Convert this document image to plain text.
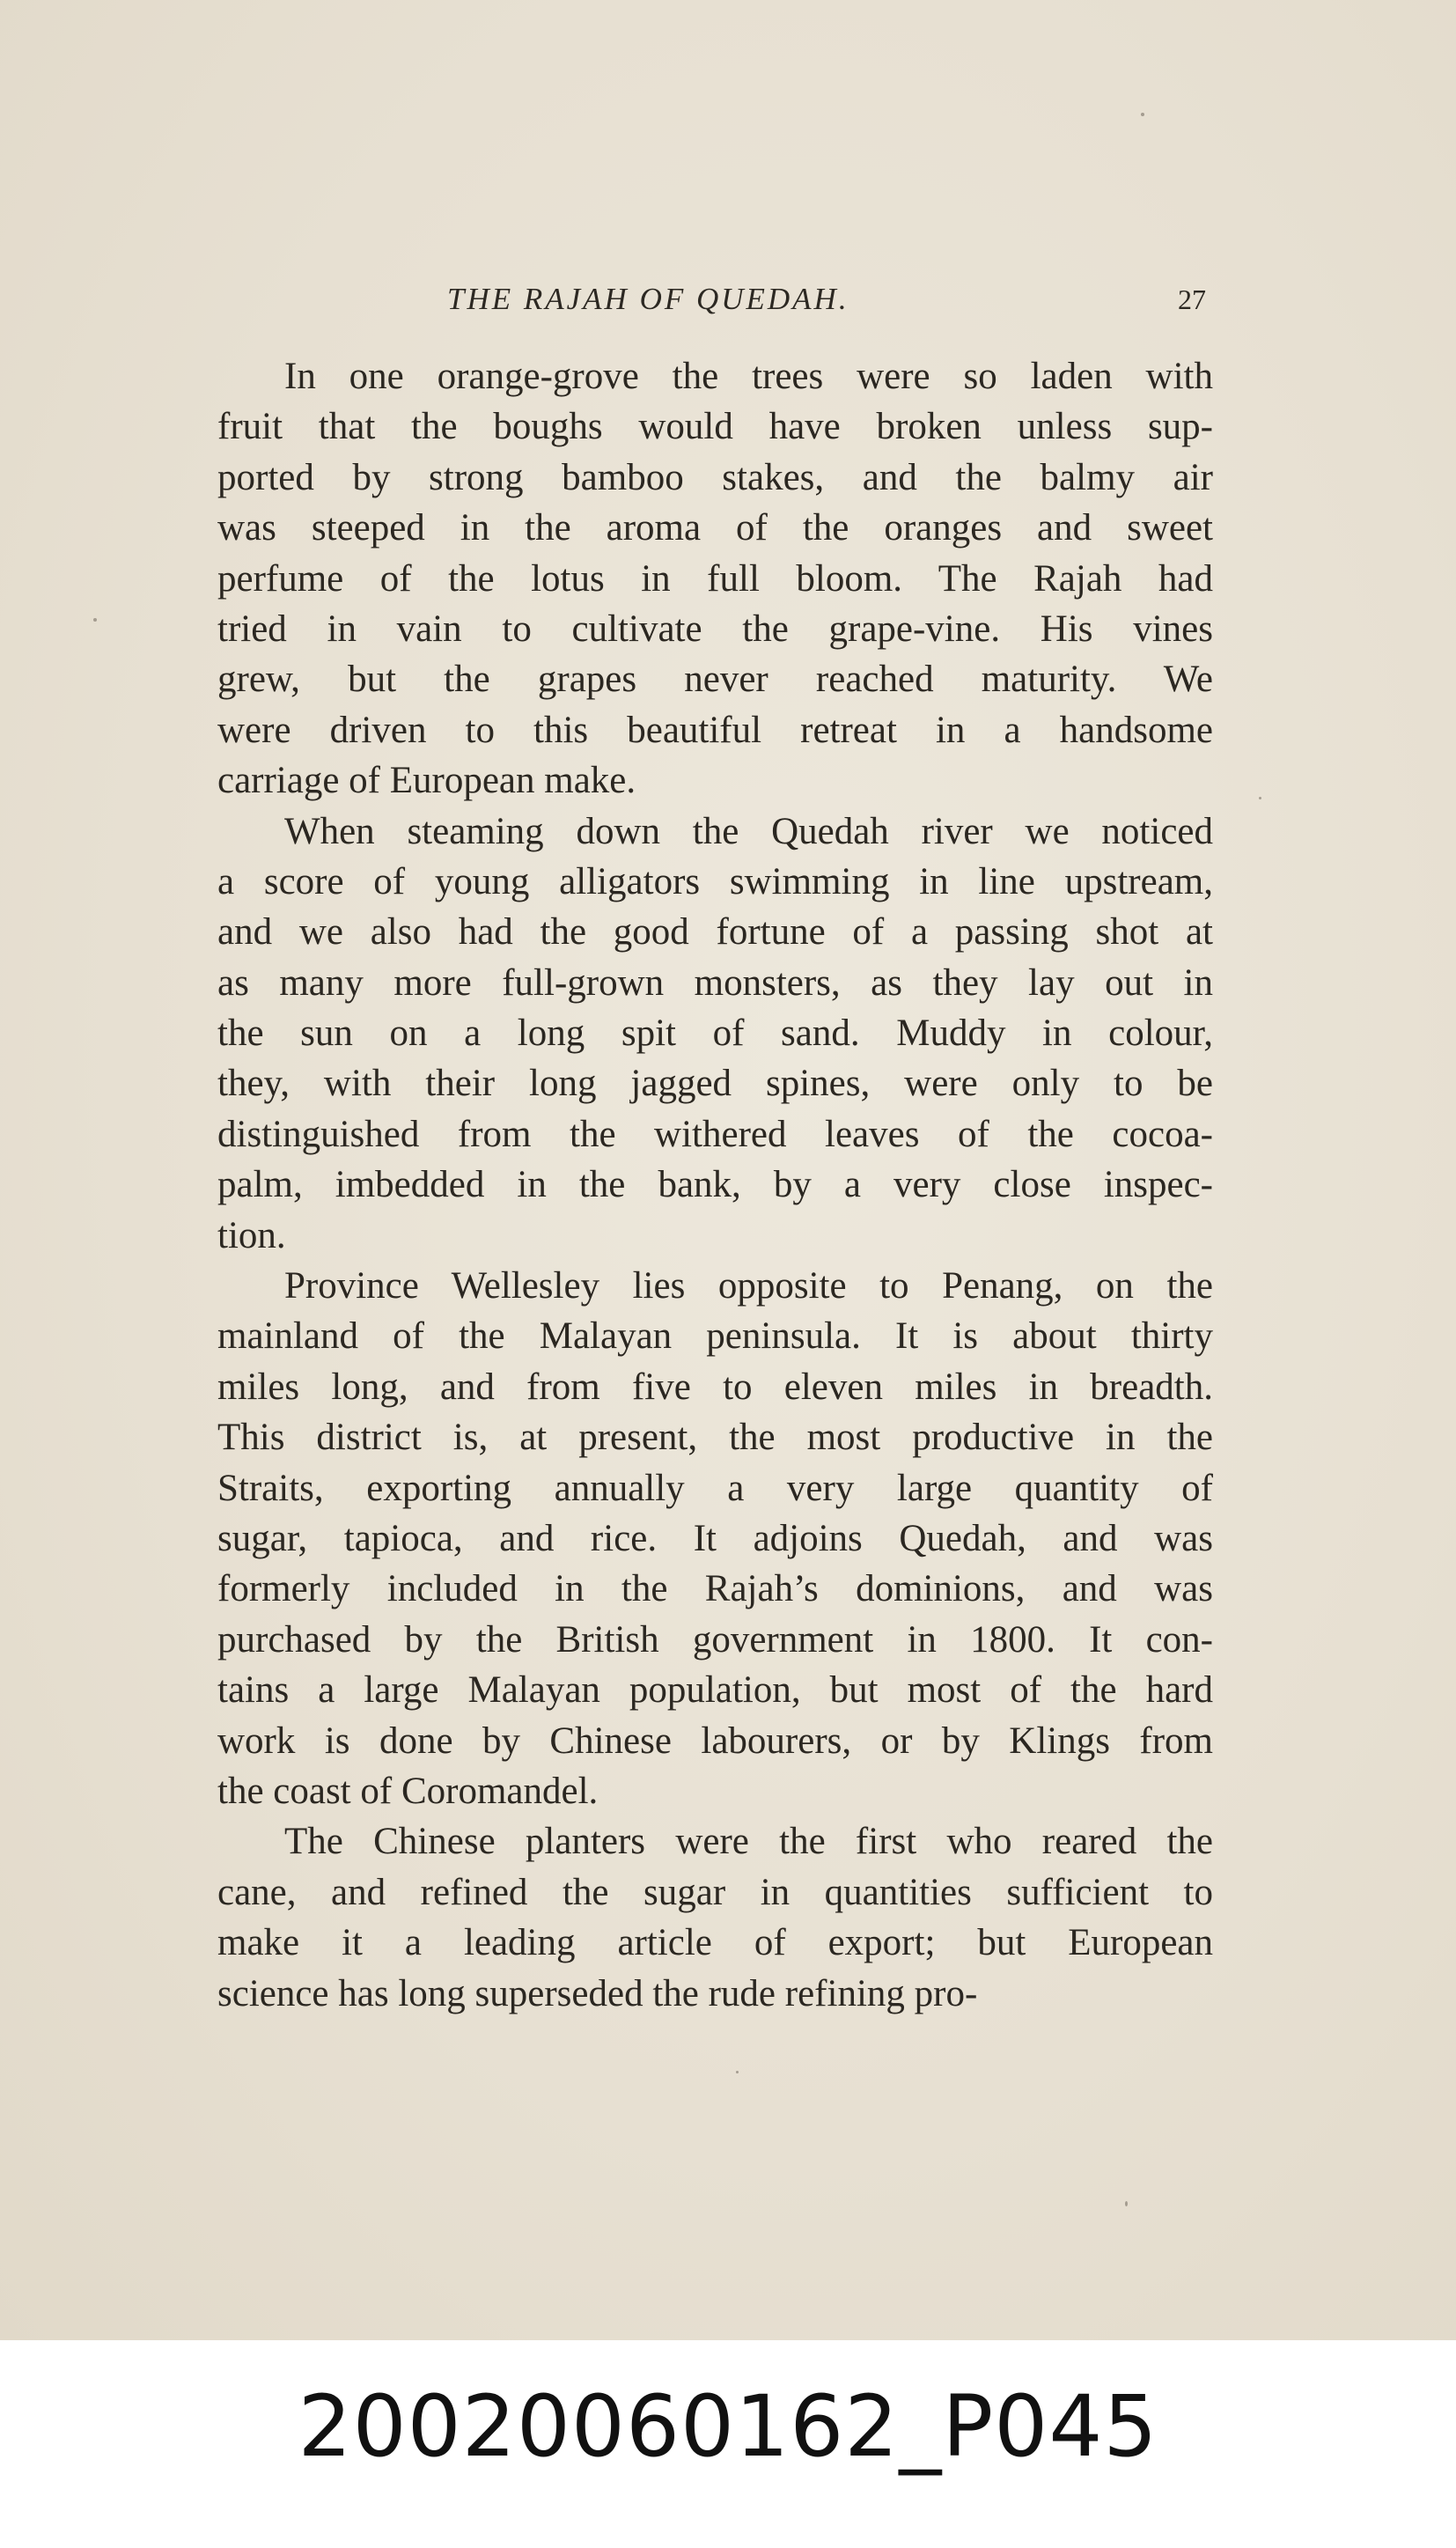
THE RAJAH OF QUEDAH.	27
In one orange-grove the trees were so laden with
fruit that the boughs would have broken unless sup-
ported by strong bamboo stakes, and the balmy air
was steeped in the aroma of the oranges and sweet
perfume of the lotus in full bloom. The Rajah had
tried in vain to cultivate the grape-vine. His vines
grew, but the grapes never reached maturity. We
were driven to this beautiful retreat in a handsome
carriage of European make.
When steaming down the Quedah river we noticed
a score of young alligators swimming in line upstream,
and we also had the good fortune of a passing shot at
as many more full-grown monsters, as they lay out in
the sun on a long spit of sand. Muddy in colour,
they, with their long jagged spines, were only to be
distinguished from the withered leaves of the cocoa-
palm, imbedded in the bank, by a very close inspec-
tion.
Province Wellesley lies opposite to Penang, on the
mainland of the Malayan peninsula. It is about thirty
miles long, and from five to eleven miles in breadth.
This district is, at present, the most productive in the
Straits, exporting annually a very large quantity of
sugar, tapioca, and rice. It adjoins Quedah, and was
formerly included in the Rajah’s dominions, and was
purchased by the British government in 1800. It con-
tains a large Malayan population, but most of the hard
work is done by Chinese labourers, or by Klings from
the coast of Coromandel.
The Chinese planters were the first who reared the
cane, and refined the sugar in quantities sufficient to
make it a leading article of export; but European
science has long superseded the rude refining pro-
20020060162_P045
